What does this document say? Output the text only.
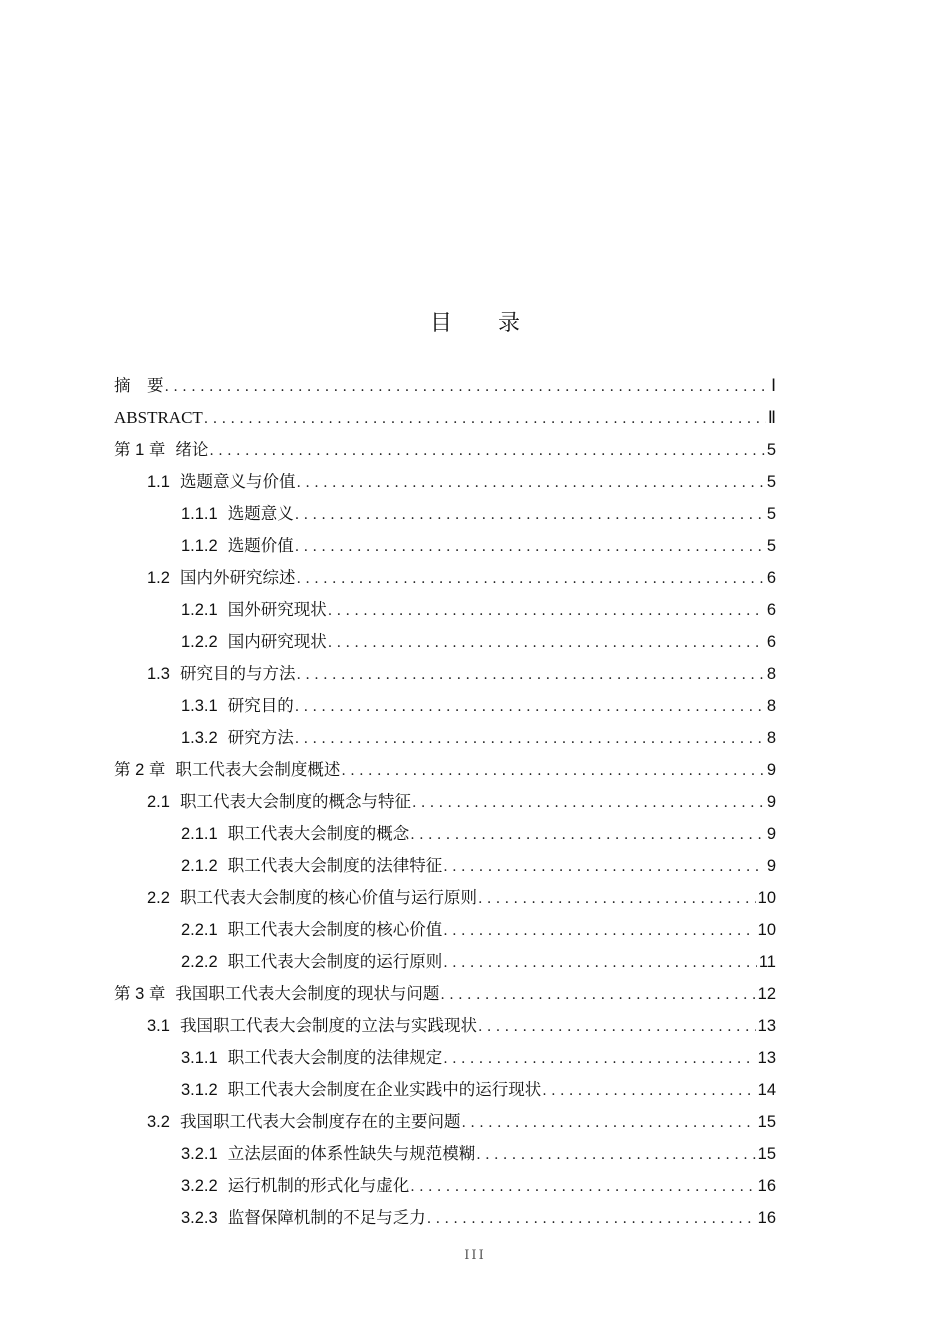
目 录
摘　要 . . .	Ⅰ
ABSTRACT . . .	Ⅱ
第 1 章 绪论 . . .	5
1.1 选题意义与价值 . . .	5
1.1.1 选题意义 . . .	5
1.1.2 选题价值 . . .	5
1.2 国内外研究综述 . . .	6
1.2.1 国外研究现状 . . .	6
1.2.2 国内研究现状 . . .	6
1.3 研究目的与方法 . . .	8
1.3.1 研究目的 . . .	8
1.3.2 研究方法 . . .	8
第 2 章 职工代表大会制度概述 . . .	9
2.1 职工代表大会制度的概念与特征 . . .	9
2.1.1 职工代表大会制度的概念 . . .	9
2.1.2 职工代表大会制度的法律特征 . . .	9
2.2 职工代表大会制度的核心价值与运行原则 . . .	10
2.2.1 职工代表大会制度的核心价值 . . .	10
2.2.2 职工代表大会制度的运行原则 . . .	11
第 3 章 我国职工代表大会制度的现状与问题 . . .	12
3.1 我国职工代表大会制度的立法与实践现状 . . .	13
3.1.1 职工代表大会制度的法律规定 . . .	13
3.1.2 职工代表大会制度在企业实践中的运行现状 . . .	14
3.2 我国职工代表大会制度存在的主要问题 . . .	15
3.2.1 立法层面的体系性缺失与规范模糊 . . .	15
3.2.2 运行机制的形式化与虚化 . . .	16
3.2.3 监督保障机制的不足与乏力 . . .	16
III
